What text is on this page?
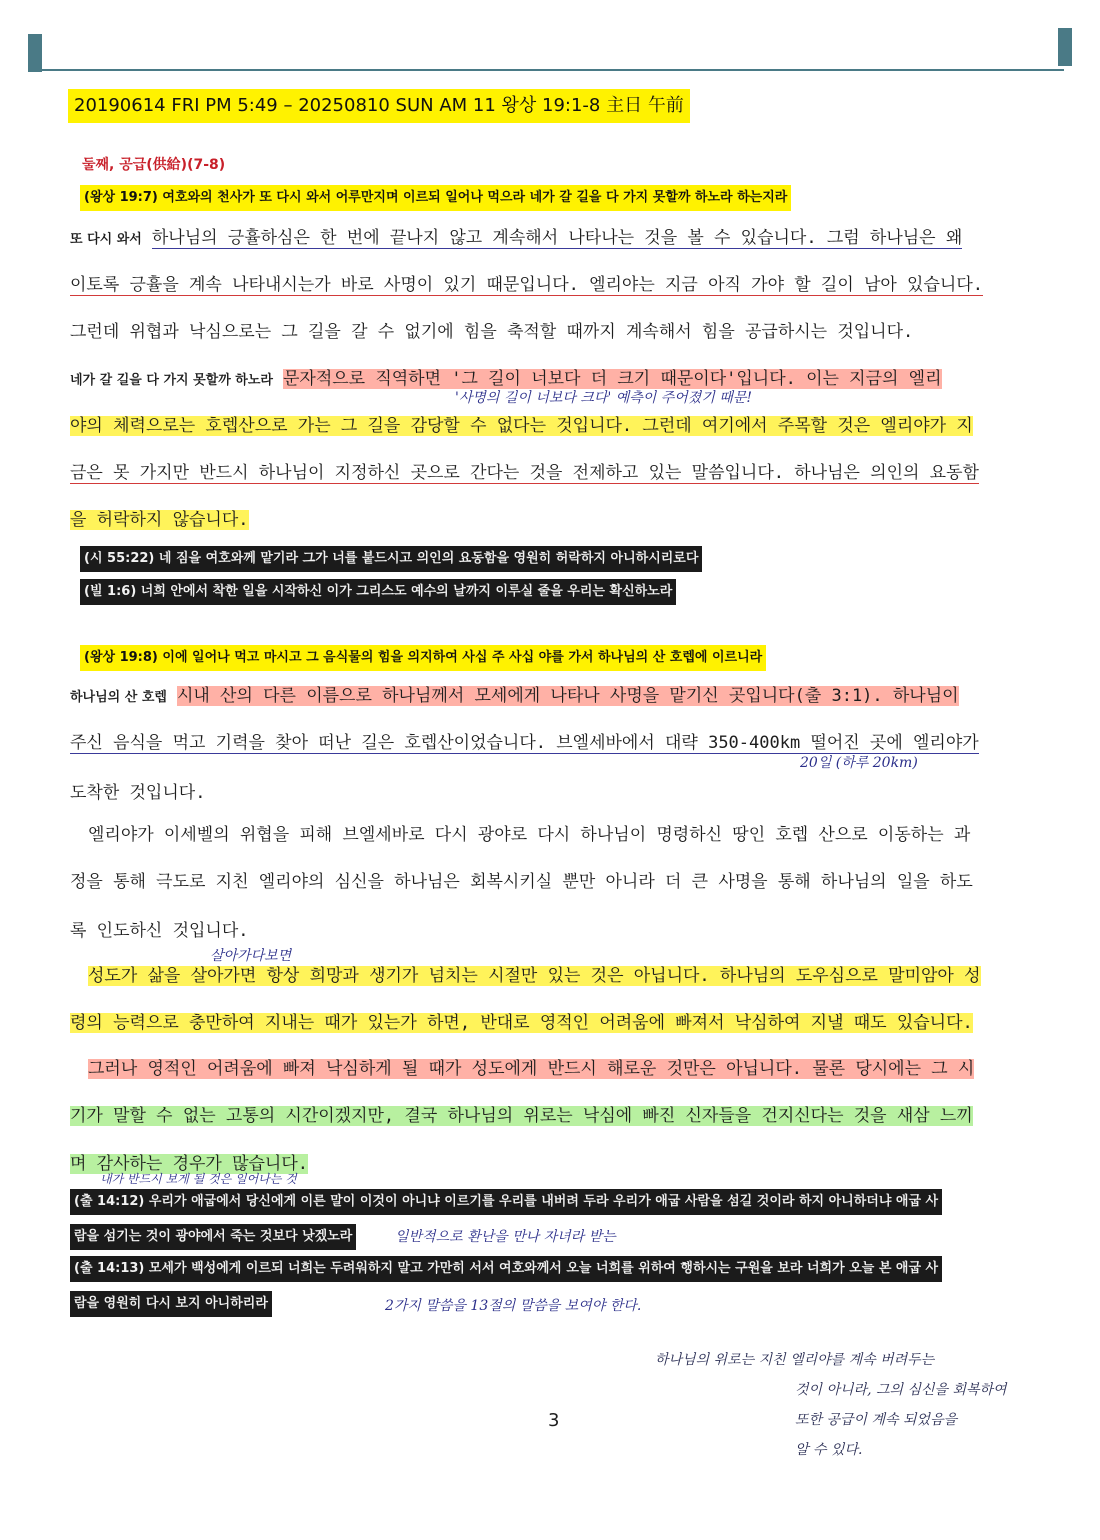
20190614 FRI PM 5:49 – 20250810 SUN AM 11 왕상 19:1-8 主日 午前
둘째, 공급(供給)(7-8)
(왕상 19:7) 여호와의 천사가 또 다시 와서 어루만지며 이르되 일어나 먹으라 네가 갈 길을 다 가지 못할까 하노라 하는지라
또 다시 와서 하나님의 긍휼하심은 한 번에 끝나지 않고 계속해서 나타나는 것을 볼 수 있습니다. 그럼 하나님은 왜
이토록 긍휼을 계속 나타내시는가 바로 사명이 있기 때문입니다. 엘리야는 지금 아직 가야 할 길이 남아 있습니다.
그런데 위협과 낙심으로는 그 길을 갈 수 없기에 힘을 축적할 때까지 계속해서 힘을 공급하시는 것입니다.
네가 갈 길을 다 가지 못할까 하노라 문자적으로 직역하면 '그 길이 너보다 더 크기 때문이다'입니다. 이는 지금의 엘리
'사명의 길이 너보다 크다' 예측이 주어졌기 때문!
야의 체력으로는 호렙산으로 가는 그 길을 감당할 수 없다는 것입니다. 그런데 여기에서 주목할 것은 엘리야가 지
금은 못 가지만 반드시 하나님이 지정하신 곳으로 간다는 것을 전제하고 있는 말씀입니다. 하나님은 의인의 요동함
을 허락하지 않습니다.
(시 55:22) 네 짐을 여호와께 맡기라 그가 너를 붙드시고 의인의 요동함을 영원히 허락하지 아니하시리로다
(빌 1:6) 너희 안에서 착한 일을 시작하신 이가 그리스도 예수의 날까지 이루실 줄을 우리는 확신하노라
(왕상 19:8) 이에 일어나 먹고 마시고 그 음식물의 힘을 의지하여 사십 주 사십 야를 가서 하나님의 산 호렙에 이르니라
하나님의 산 호렙 시내 산의 다른 이름으로 하나님께서 모세에게 나타나 사명을 맡기신 곳입니다(출 3:1). 하나님이
주신 음식을 먹고 기력을 찾아 떠난 길은 호렙산이었습니다. 브엘세바에서 대략 350-400km 떨어진 곳에 엘리야가
20일 (하루 20km)
도착한 것입니다.
엘리야가 이세벨의 위협을 피해 브엘세바로 다시 광야로 다시 하나님이 명령하신 땅인 호렙 산으로 이동하는 과
정을 통해 극도로 지친 엘리야의 심신을 하나님은 회복시키실 뿐만 아니라 더 큰 사명을 통해 하나님의 일을 하도
록 인도하신 것입니다.
살아가다보면
성도가 삶을 살아가면 항상 희망과 생기가 넘치는 시절만 있는 것은 아닙니다. 하나님의 도우심으로 말미암아 성
령의 능력으로 충만하여 지내는 때가 있는가 하면, 반대로 영적인 어려움에 빠져서 낙심하여 지낼 때도 있습니다.
그러나 영적인 어려움에 빠져 낙심하게 될 때가 성도에게 반드시 해로운 것만은 아닙니다. 물론 당시에는 그 시
기가 말할 수 없는 고통의 시간이겠지만, 결국 하나님의 위로는 낙심에 빠진 신자들을 건지신다는 것을 새삼 느끼
며 감사하는 경우가 많습니다.
내가 반드시 보게 될 것은 일어나는 것
(출 14:12) 우리가 애굽에서 당신에게 이른 말이 이것이 아니냐 이르기를 우리를 내버려 두라 우리가 애굽 사람을 섬길 것이라 하지 아니하더냐 애굽 사
람을 섬기는 것이 광야에서 죽는 것보다 낫겠노라	일반적으로 환난을 만나 자녀라 받는
(출 14:13) 모세가 백성에게 이르되 너희는 두려워하지 말고 가만히 서서 여호와께서 오늘 너희를 위하여 행하시는 구원을 보라 너희가 오늘 본 애굽 사
람을 영원히 다시 보지 아니하리라	2가지 말씀을 13절의 말씀을 보여야 한다.
하나님의 위로는 지친 엘리야를 계속 버려두는
것이 아니라, 그의 심신을 회복하여
또한 공급이 계속 되었음을
알 수 있다.
3
